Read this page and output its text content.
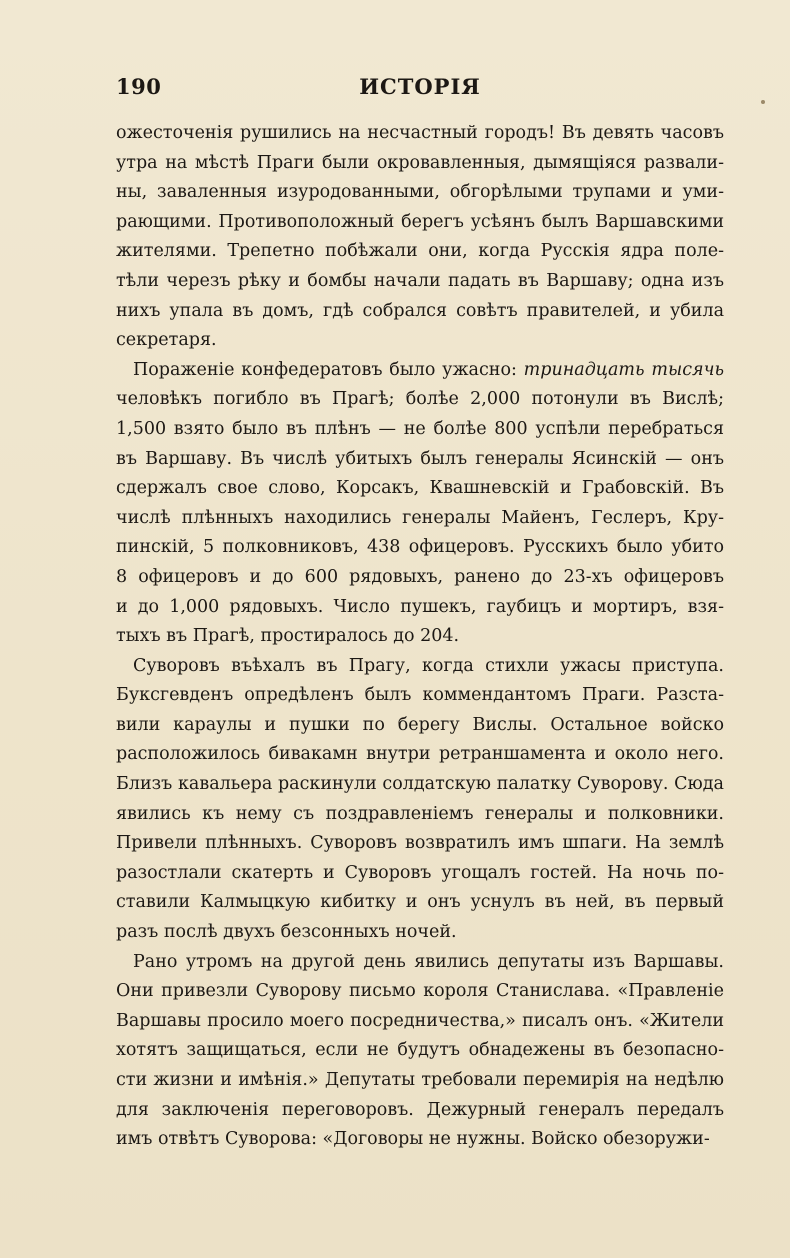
190	ИСТОРІЯ
ожесточенія рушились на несчастный городъ! Въ девять часовъ
утра на мѣстѣ Праги были окровавленныя, дымящіяся развали-
ны, заваленныя изуродованными, обгорѣлыми трупами и уми-
рающими. Противоположный берегъ усѣянъ былъ Варшавскими
жителями. Трепетно побѣжали они, когда Русскія ядра поле-
тѣли черезъ рѣку и бомбы начали падать въ Варшаву; одна изъ
нихъ упала въ домъ, гдѣ собрался совѣтъ правителей, и убила
секретаря.
Пораженіе конфедератовъ было ужасно: тринадцать тысячь
человѣкъ погибло въ Прагѣ; болѣе 2,000 потонули въ Вислѣ;
1,500 взято было въ плѣнъ — не болѣе 800 успѣли перебраться
въ Варшаву. Въ числѣ убитыхъ былъ генералы Ясинскій — онъ
сдержалъ свое слово, Корсакъ, Квашневскій и Грабовскій. Въ
числѣ плѣнныхъ находились генералы Майенъ, Геслеръ, Кру-
пинскій, 5 полковниковъ, 438 офицеровъ. Русскихъ было убито
8 офицеровъ и до 600 рядовыхъ, ранено до 23-хъ офицеровъ
и до 1,000 рядовыхъ. Число пушекъ, гаубицъ и мортиръ, взя-
тыхъ въ Прагѣ, простиралось до 204.
Суворовъ въѣхалъ въ Прагу, когда стихли ужасы приступа.
Буксгевденъ опредѣленъ былъ коммендантомъ Праги. Разста-
вили караулы и пушки по берегу Вислы. Остальное войско
расположилось бивакамн внутри ретраншамента и около него.
Близъ кавальера раскинули солдатскую палатку Суворову. Сюда
явились къ нему съ поздравленіемъ генералы и полковники.
Привели плѣнныхъ. Суворовъ возвратилъ имъ шпаги. На землѣ
разостлали скатерть и Суворовъ угощалъ гостей. На ночь по-
ставили Калмыцкую кибитку и онъ уснулъ въ ней, въ первый
разъ послѣ двухъ безсонныхъ ночей.
Рано утромъ на другой день явились депутаты изъ Варшавы.
Они привезли Суворову письмо короля Станислава. «Правленіе
Варшавы просило моего посредничества,» писалъ онъ. «Жители
хотятъ защищаться, если не будутъ обнадежены въ безопасно-
сти жизни и имѣнія.» Депутаты требовали перемирія на недѣлю
для заключенія переговоровъ. Дежурный генералъ передалъ
имъ отвѣтъ Суворова: «Договоры не нужны. Войско обезоружи-
